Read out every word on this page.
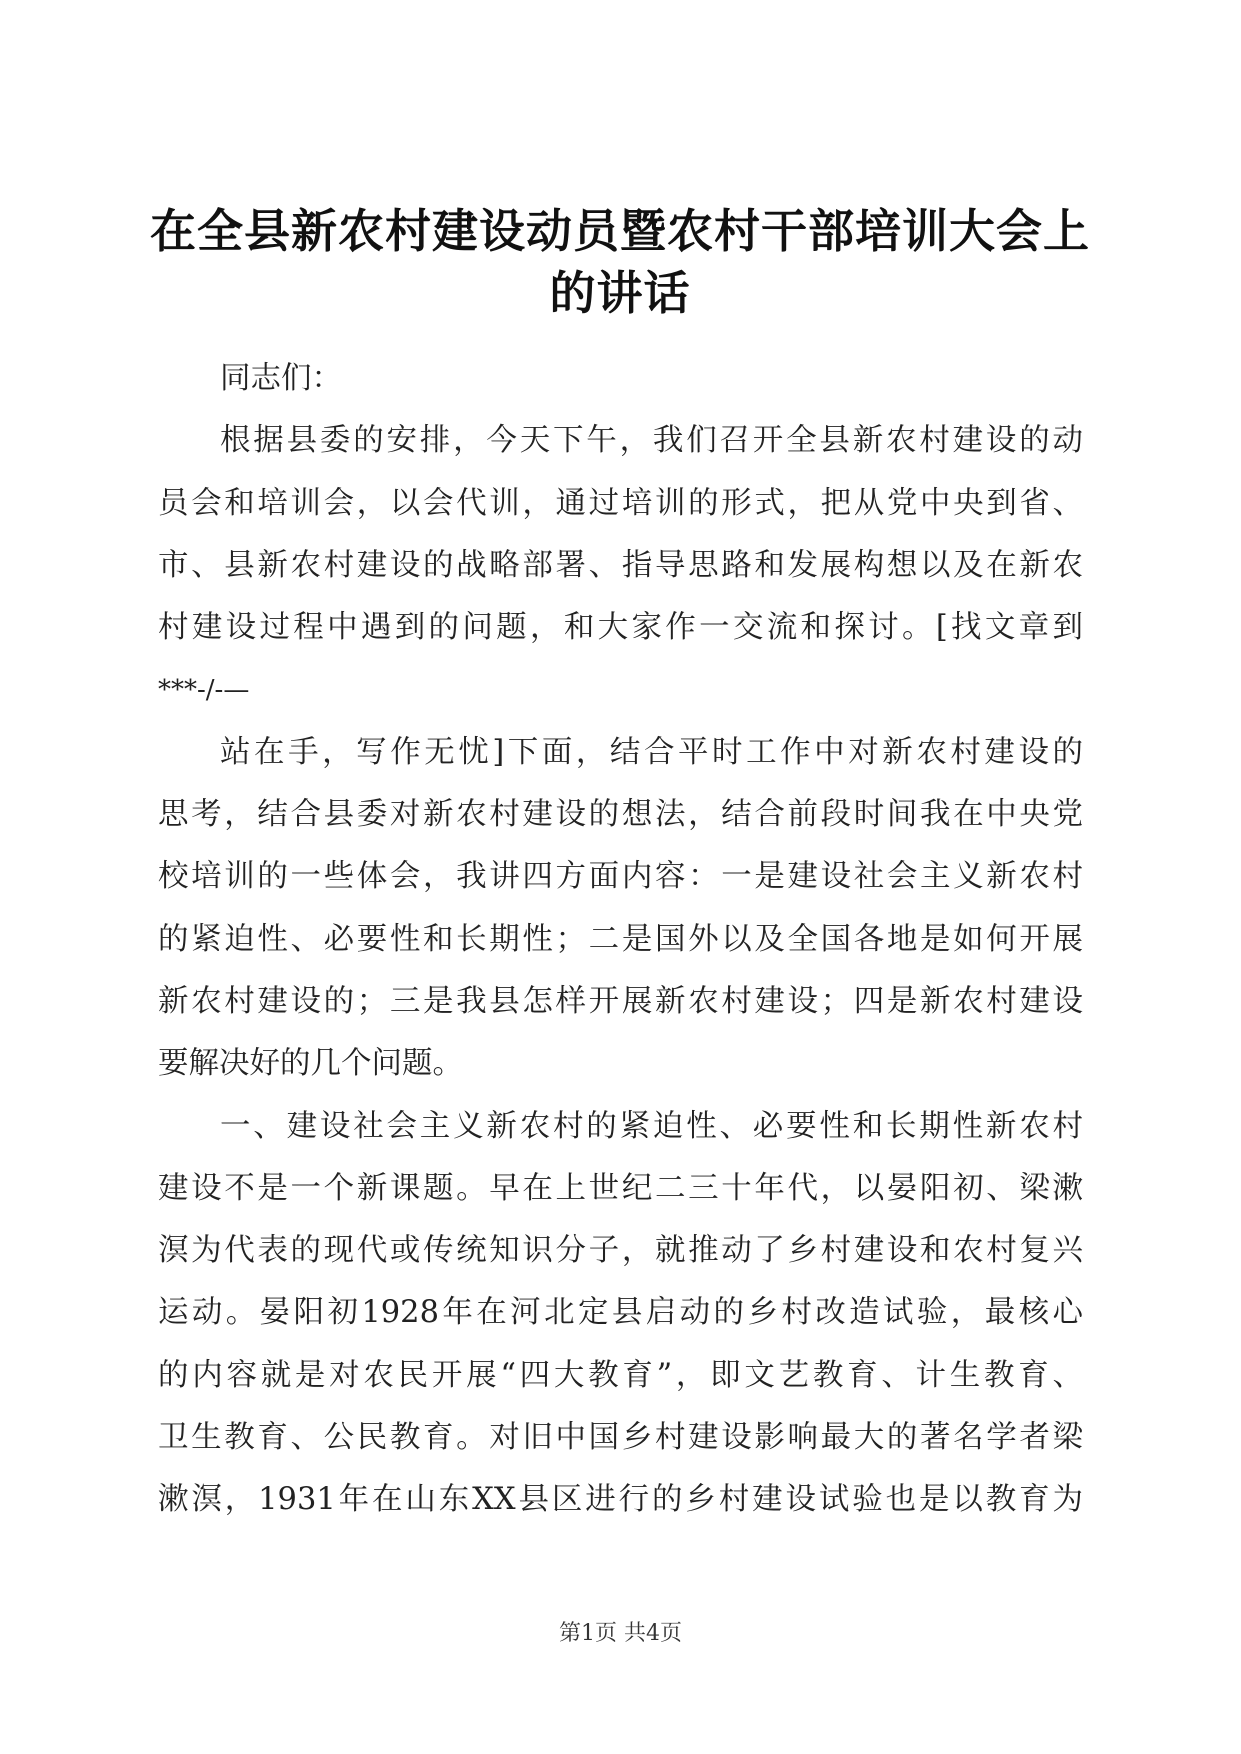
在全县新农村建设动员暨农村干部培训大会上
的讲话
同志们：
根据县委的安排，今天下午，我们召开全县新农村建设的动
员会和培训会，以会代训，通过培训的形式，把从党中央到省、
市、县新农村建设的战略部署、指导思路和发展构想以及在新农
村建设过程中遇到的问题，和大家作一交流和探讨。[找文章到
***-/-—
站在手，写作无忧]下面，结合平时工作中对新农村建设的
思考，结合县委对新农村建设的想法，结合前段时间我在中央党
校培训的一些体会，我讲四方面内容：一是建设社会主义新农村
的紧迫性、必要性和长期性；二是国外以及全国各地是如何开展
新农村建设的；三是我县怎样开展新农村建设；四是新农村建设
要解决好的几个问题。
一、建设社会主义新农村的紧迫性、必要性和长期性新农村
建设不是一个新课题。早在上世纪二三十年代，以晏阳初、梁漱
溟为代表的现代或传统知识分子，就推动了乡村建设和农村复兴
运动。晏阳初1928年在河北定县启动的乡村改造试验，最核心
的内容就是对农民开展“四大教育”，即文艺教育、计生教育、
卫生教育、公民教育。对旧中国乡村建设影响最大的著名学者梁
漱溟，1931年在山东XX县区进行的乡村建设试验也是以教育为
第1页 共4页
